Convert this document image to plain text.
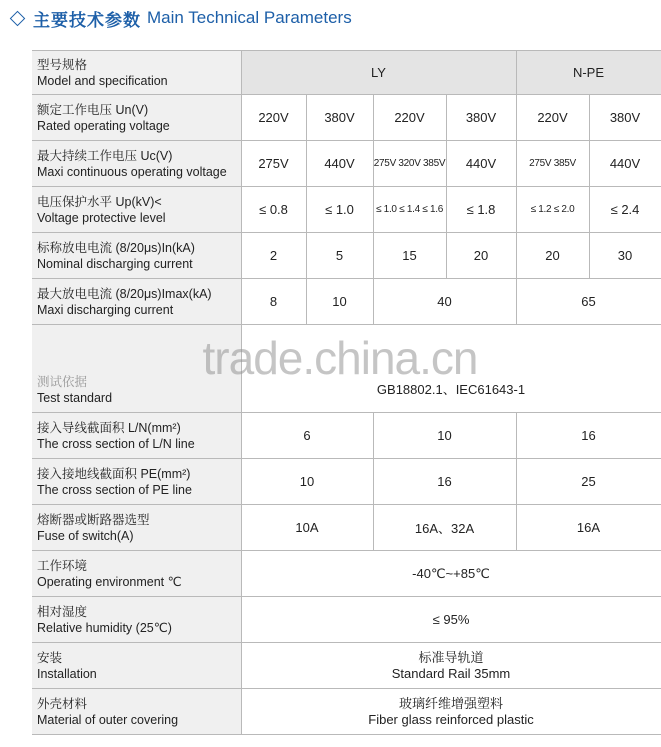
主要技术参数 Main Technical Parameters
型号规格
Model and specification	LY				N-PE	

额定工作电压 Un(V)
Rated operating voltage	220V	380V	220V	380V	220V	380V

最大持续工作电压 Uc(V)
Maxi continuous operating voltage	275V	440V	275V 320V 385V	440V	275V 385V	440V

电压保护水平 Up(kV)<
Voltage protective level	≤ 0.8	≤ 1.0	≤ 1.0 ≤ 1.4 ≤ 1.6	≤ 1.8	≤ 1.2 ≤ 2.0	≤ 2.4

标称放电电流 (8/20μs)In(kA)
Nominal discharging current	2	5	15	20	20	30

最大放电电流 (8/20μs)Imax(kA)
Maxi discharging current	8	10	40		65	

测试依据
Test standard	GB18802.1、IEC61643-1					

接入导线截面积 L/N(mm²)
The cross section of L/N line	6		10		16	

接入接地线截面积 PE(mm²)
The cross section of PE line	10		16		25	

熔断器或断路器选型
Fuse of switch(A)	10A		16A、32A		16A	

工作环境
Operating environment ℃	-40℃~+85℃					

相对湿度
Relative humidity (25℃)	≤ 95%					

安装
Installation	标准导轨道
Standard Rail 35mm					

外壳材料
Material of outer covering	玻璃纤维增强塑料
Fiber glass reinforced plastic					
trade.china.cn
